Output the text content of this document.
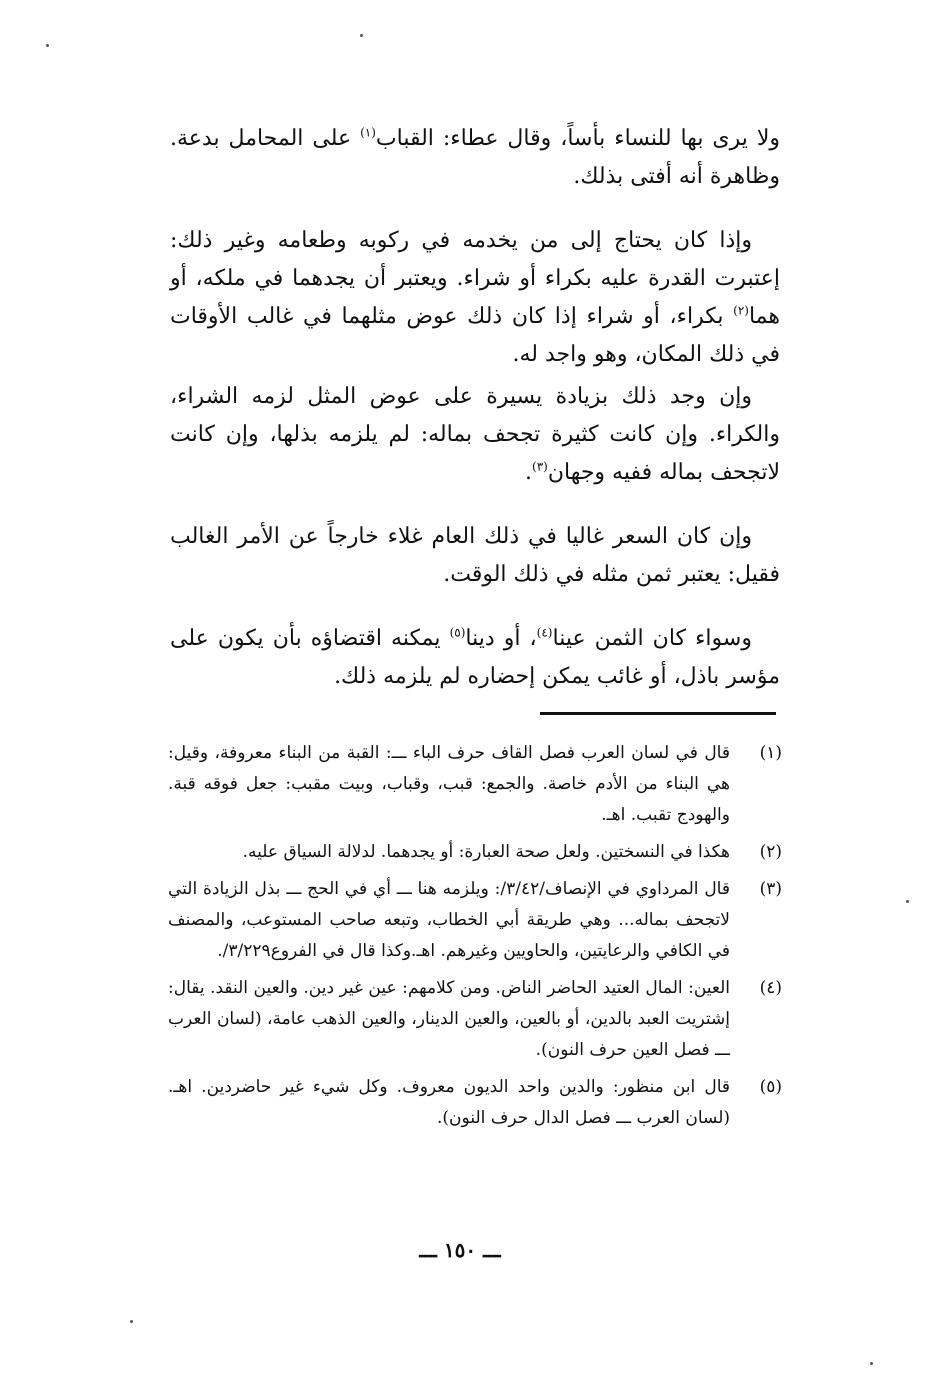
ولا يرى بها للنساء بأساً، وقال عطاء: القباب$^{(١)}$ على المحامل بدعة. وظاهرة أنه أفتى بذلك.

وإذا كان يحتاج إلى من يخدمه في ركوبه وطعامه وغير ذلك: إعتبرت القدرة عليه بكراء أو شراء. ويعتبر أن يجدهما في ملكه، أو هما$^{(٢)}$ بكراء، أو شراء إذا كان ذلك عوض مثلهما في غالب الأوقات في ذلك المكان، وهو واجد له.

وإن وجد ذلك بزيادة يسيرة على عوض المثل لزمه الشراء، والكراء. وإن كانت كثيرة تجحف بماله: لم يلزمه بذلها، وإن كانت لاتجحف بماله ففيه وجهان$^{(٣)}$.

وإن كان السعر غاليا في ذلك العام غلاء خارجاً عن الأمر الغالب فقيل: يعتبر ثمن مثله في ذلك الوقت.

وسواء كان الثمن عينا$^{(٤)}$، أو دينا$^{(٥)}$ يمكنه اقتضاؤه بأن يكون على مؤسر باذل، أو غائب يمكن إحضاره لم يلزمه ذلك.

(١)
قال في لسان العرب فصل القاف حرف الباء ـــ: القبة من البناء معروفة، وقيل: هي البناء من الأدم خاصة. والجمع: قبب، وقباب، وبيت مقبب: جعل فوقه قبة. والهودج تقبب. اهـ.
(٢)
هكذا في النسختين. ولعل صحة العبارة: أو يجدهما. لدلالة السياق عليه.
(٣)
قال المرداوي في الإنصاف/٣/٤٢/: ويلزمه هنا ـــ أي في الحج ـــ بذل الزيادة التي لاتجحف بماله... وهي طريقة أبي الخطاب، وتبعه صاحب المستوعب، والمصنف في الكافي والرعايتين، والحاويين وغيرهم. اهـ.وكذا قال في الفروع٣/٢٢٩/.
(٤)
العين: المال العتيد الحاضر الناض. ومن كلامهم: عين غير دين. والعين النقد. يقال: إشتريت العبد بالدين، أو بالعين، والعين الدينار، والعين الذهب عامة، (لسان العرب ـــ فصل العين حرف النون).
(٥)
قال ابن منظور: والدين واحد الديون معروف. وكل شيء غير حاضردين. اهـ. (لسان العرب ـــ فصل الدال حرف النون).
ـــ ١٥٠ ـــ
